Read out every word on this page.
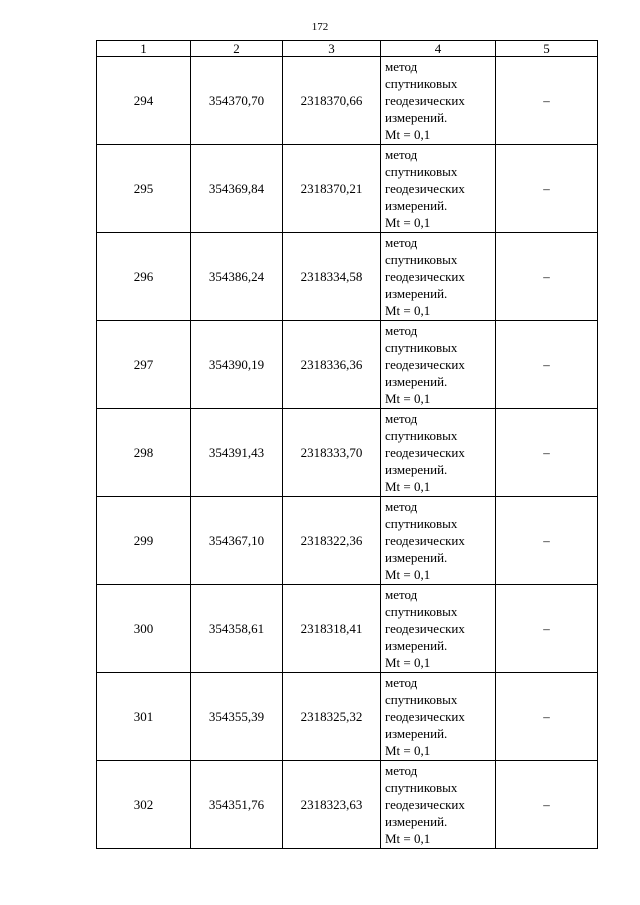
172
1	2	3	4	5
294	354370,70	2318370,66	метод
спутниковых
геодезических
измерений.
Mt = 0,1	–
295	354369,84	2318370,21	метод
спутниковых
геодезических
измерений.
Mt = 0,1	–
296	354386,24	2318334,58	метод
спутниковых
геодезических
измерений.
Mt = 0,1	–
297	354390,19	2318336,36	метод
спутниковых
геодезических
измерений.
Mt = 0,1	–
298	354391,43	2318333,70	метод
спутниковых
геодезических
измерений.
Mt = 0,1	–
299	354367,10	2318322,36	метод
спутниковых
геодезических
измерений.
Mt = 0,1	–
300	354358,61	2318318,41	метод
спутниковых
геодезических
измерений.
Mt = 0,1	–
301	354355,39	2318325,32	метод
спутниковых
геодезических
измерений.
Mt = 0,1	–
302	354351,76	2318323,63	метод
спутниковых
геодезических
измерений.
Mt = 0,1	–
